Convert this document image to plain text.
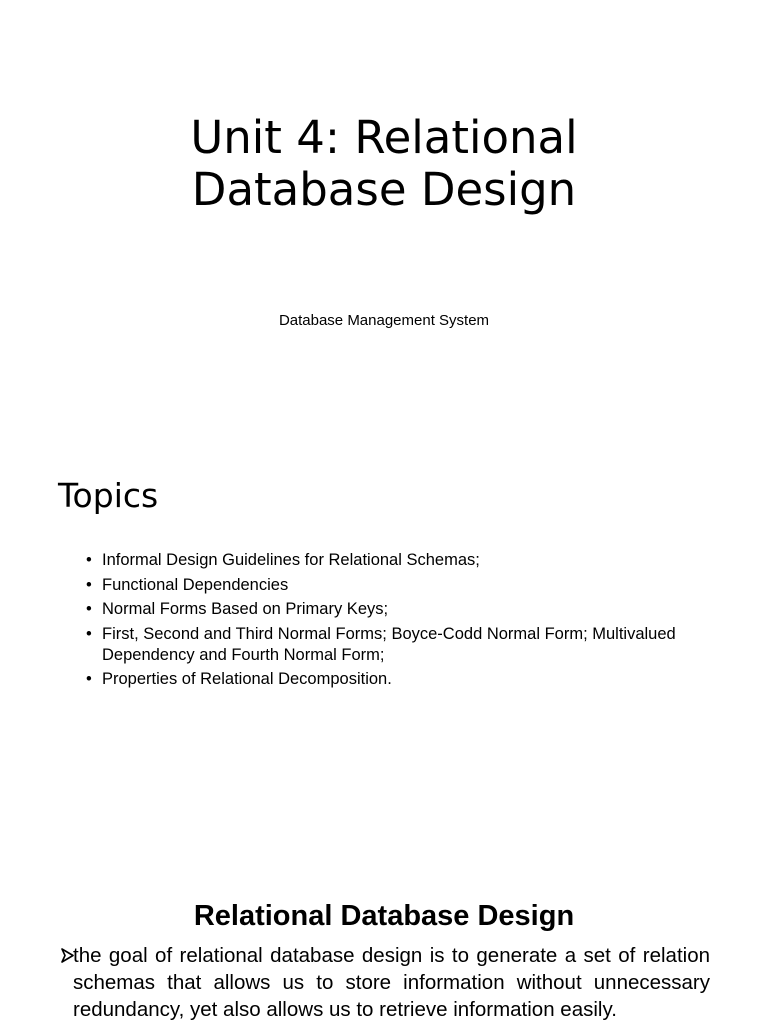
Unit 4: Relational
Database Design
Database Management System
Topics
• Informal Design Guidelines for Relational Schemas;
• Functional Dependencies
• Normal Forms Based on Primary Keys;
• First, Second and Third Normal Forms; Boyce-Codd Normal Form; Multivalued Dependency and Fourth Normal Form;
• Properties of Relational Decomposition.
Relational Database Design
the goal of relational database design is to generate a set of relation schemas that allows us to store information without unnecessary redundancy, yet also allows us to retrieve information easily.
